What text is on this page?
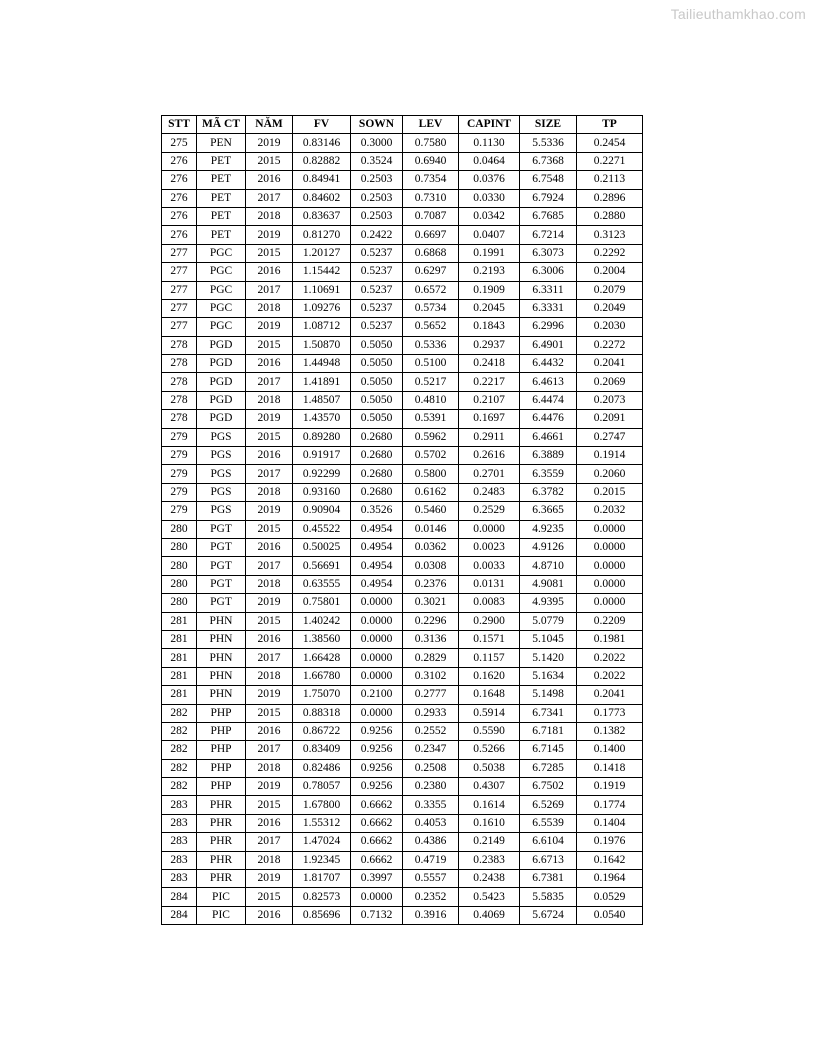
Tailieuthamkhao.com
STT	MÃ CT	NĂM	FV	SOWN	LEV	CAPINT	SIZE	TP
275	PEN	2019	0.83146	0.3000	0.7580	0.1130	5.5336	0.2454
276	PET	2015	0.82882	0.3524	0.6940	0.0464	6.7368	0.2271
276	PET	2016	0.84941	0.2503	0.7354	0.0376	6.7548	0.2113
276	PET	2017	0.84602	0.2503	0.7310	0.0330	6.7924	0.2896
276	PET	2018	0.83637	0.2503	0.7087	0.0342	6.7685	0.2880
276	PET	2019	0.81270	0.2422	0.6697	0.0407	6.7214	0.3123
277	PGC	2015	1.20127	0.5237	0.6868	0.1991	6.3073	0.2292
277	PGC	2016	1.15442	0.5237	0.6297	0.2193	6.3006	0.2004
277	PGC	2017	1.10691	0.5237	0.6572	0.1909	6.3311	0.2079
277	PGC	2018	1.09276	0.5237	0.5734	0.2045	6.3331	0.2049
277	PGC	2019	1.08712	0.5237	0.5652	0.1843	6.2996	0.2030
278	PGD	2015	1.50870	0.5050	0.5336	0.2937	6.4901	0.2272
278	PGD	2016	1.44948	0.5050	0.5100	0.2418	6.4432	0.2041
278	PGD	2017	1.41891	0.5050	0.5217	0.2217	6.4613	0.2069
278	PGD	2018	1.48507	0.5050	0.4810	0.2107	6.4474	0.2073
278	PGD	2019	1.43570	0.5050	0.5391	0.1697	6.4476	0.2091
279	PGS	2015	0.89280	0.2680	0.5962	0.2911	6.4661	0.2747
279	PGS	2016	0.91917	0.2680	0.5702	0.2616	6.3889	0.1914
279	PGS	2017	0.92299	0.2680	0.5800	0.2701	6.3559	0.2060
279	PGS	2018	0.93160	0.2680	0.6162	0.2483	6.3782	0.2015
279	PGS	2019	0.90904	0.3526	0.5460	0.2529	6.3665	0.2032
280	PGT	2015	0.45522	0.4954	0.0146	0.0000	4.9235	0.0000
280	PGT	2016	0.50025	0.4954	0.0362	0.0023	4.9126	0.0000
280	PGT	2017	0.56691	0.4954	0.0308	0.0033	4.8710	0.0000
280	PGT	2018	0.63555	0.4954	0.2376	0.0131	4.9081	0.0000
280	PGT	2019	0.75801	0.0000	0.3021	0.0083	4.9395	0.0000
281	PHN	2015	1.40242	0.0000	0.2296	0.2900	5.0779	0.2209
281	PHN	2016	1.38560	0.0000	0.3136	0.1571	5.1045	0.1981
281	PHN	2017	1.66428	0.0000	0.2829	0.1157	5.1420	0.2022
281	PHN	2018	1.66780	0.0000	0.3102	0.1620	5.1634	0.2022
281	PHN	2019	1.75070	0.2100	0.2777	0.1648	5.1498	0.2041
282	PHP	2015	0.88318	0.0000	0.2933	0.5914	6.7341	0.1773
282	PHP	2016	0.86722	0.9256	0.2552	0.5590	6.7181	0.1382
282	PHP	2017	0.83409	0.9256	0.2347	0.5266	6.7145	0.1400
282	PHP	2018	0.82486	0.9256	0.2508	0.5038	6.7285	0.1418
282	PHP	2019	0.78057	0.9256	0.2380	0.4307	6.7502	0.1919
283	PHR	2015	1.67800	0.6662	0.3355	0.1614	6.5269	0.1774
283	PHR	2016	1.55312	0.6662	0.4053	0.1610	6.5539	0.1404
283	PHR	2017	1.47024	0.6662	0.4386	0.2149	6.6104	0.1976
283	PHR	2018	1.92345	0.6662	0.4719	0.2383	6.6713	0.1642
283	PHR	2019	1.81707	0.3997	0.5557	0.2438	6.7381	0.1964
284	PIC	2015	0.82573	0.0000	0.2352	0.5423	5.5835	0.0529
284	PIC	2016	0.85696	0.7132	0.3916	0.4069	5.6724	0.0540
